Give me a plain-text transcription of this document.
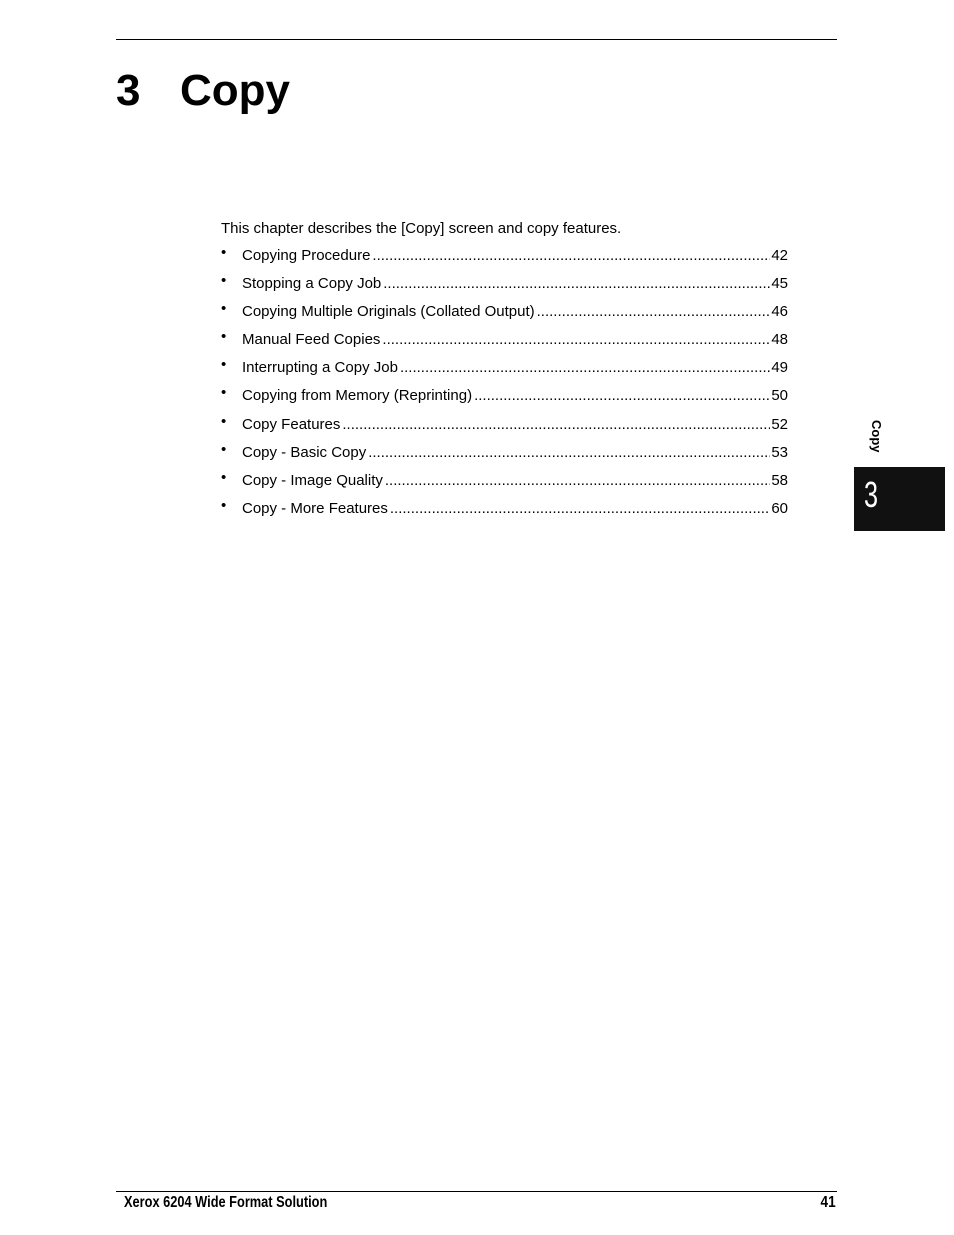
3 Copy

This chapter describes the [Copy] screen and copy features.

•	Copying Procedure .....	42
•	Stopping a Copy Job .....	45
•	Copying Multiple Originals (Collated Output) .....	46
•	Manual Feed Copies .....	48
•	Interrupting a Copy Job .....	49
•	Copying from Memory (Reprinting) .....	50
•	Copy Features .....	52
•	Copy - Basic Copy .....	53
•	Copy - Image Quality .....	58
•	Copy - More Features .....	60
Copy
3
Xerox 6204 Wide Format Solution	41
